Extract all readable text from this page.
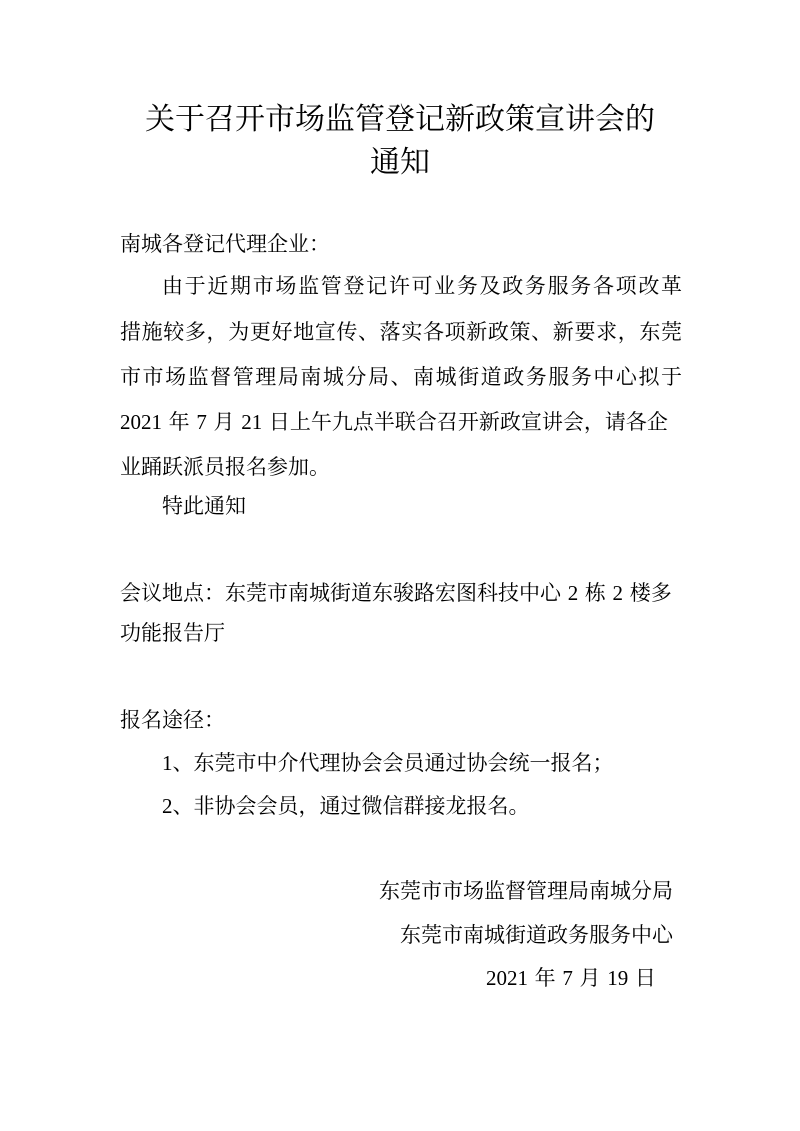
关于召开市场监管登记新政策宣讲会的
通知
南城各登记代理企业：
由于近期市场监管登记许可业务及政务服务各项改革
措施较多，为更好地宣传、落实各项新政策、新要求，东莞
市市场监督管理局南城分局、南城街道政务服务中心拟于
2021 年 7 月 21 日上午九点半联合召开新政宣讲会，请各企
业踊跃派员报名参加。
特此通知
会议地点：东莞市南城街道东骏路宏图科技中心 2 栋 2 楼多
功能报告厅
报名途径：
1、东莞市中介代理协会会员通过协会统一报名；
2、非协会会员，通过微信群接龙报名。
东莞市市场监督管理局南城分局
东莞市南城街道政务服务中心
2021 年 7 月 19 日
